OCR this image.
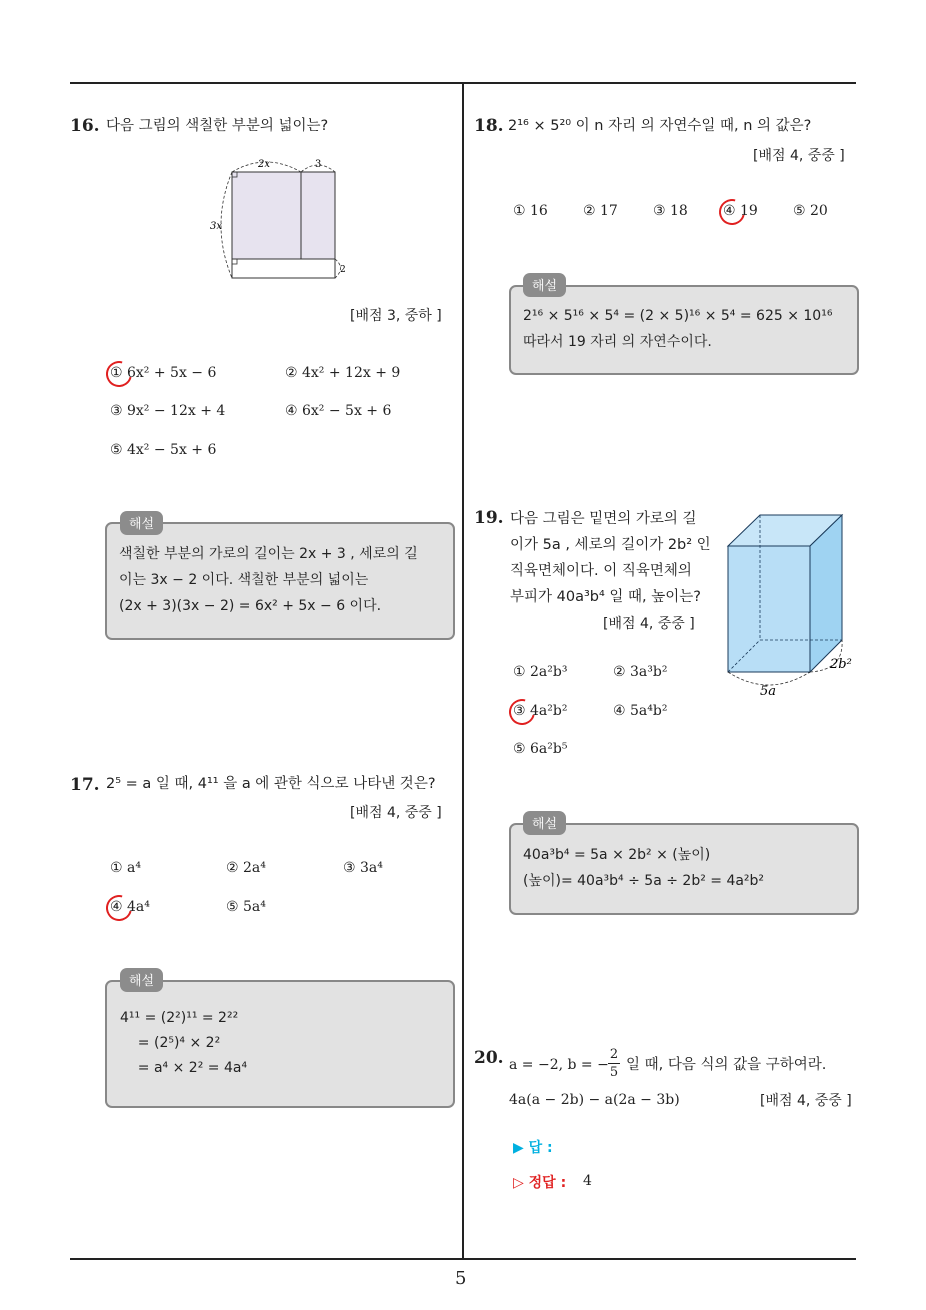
5
16. 다음 그림의 색칠한 부분의 넓이는?
2x	3
3x
2
[배점 3, 중하 ]
① 6x² + 5x − 6	② 4x² + 12x + 9
③ 9x² − 12x + 4	④ 6x² − 5x + 6
⑤ 4x² − 5x + 6
해설
색칠한 부분의 가로의 길이는 2x + 3 , 세로의 길
이는 3x − 2 이다. 색칠한 부분의 넓이는
(2x + 3)(3x − 2) = 6x² + 5x − 6 이다.
17. 2⁵ = a 일 때, 4¹¹ 을 a 에 관한 식으로 나타낸 것은?
[배점 4, 중중 ]
① a⁴	② 2a⁴	③ 3a⁴
④ 4a⁴	⑤ 5a⁴
해설
4¹¹ = (2²)¹¹ = 2²²
= (2⁵)⁴ × 2²
= a⁴ × 2² = 4a⁴
18. 2¹⁶ × 5²⁰ 이 n 자리 의 자연수일 때, n 의 값은?
[배점 4, 중중 ]
① 16	② 17	③ 18	④ 19	⑤ 20
해설
2¹⁶ × 5¹⁶ × 5⁴ = (2 × 5)¹⁶ × 5⁴ = 625 × 10¹⁶
따라서 19 자리 의 자연수이다.
19. 다음 그림은 밑면의 가로의 길
이가 5a , 세로의 길이가 2b² 인
직육면체이다. 이 직육면체의
부피가 40a³b⁴ 일 때, 높이는?
[배점 4, 중중 ]
5a
2b²
① 2a²b³	② 3a³b²
③ 4a²b²	④ 5a⁴b²
⑤ 6a²b⁵
해설
40a³b⁴ = 5a × 2b² × (높이)
(높이)= 40a³b⁴ ÷ 5a ÷ 2b² = 4a²b²
20. a = −2, b = − $\frac{2}{5}$ 일 때, 다음 식의 값을 구하여라.
4a(a − 2b) − a(2a − 3b)	[배점 4, 중중 ]
▶ 답 :
▷ 정답 : 4
